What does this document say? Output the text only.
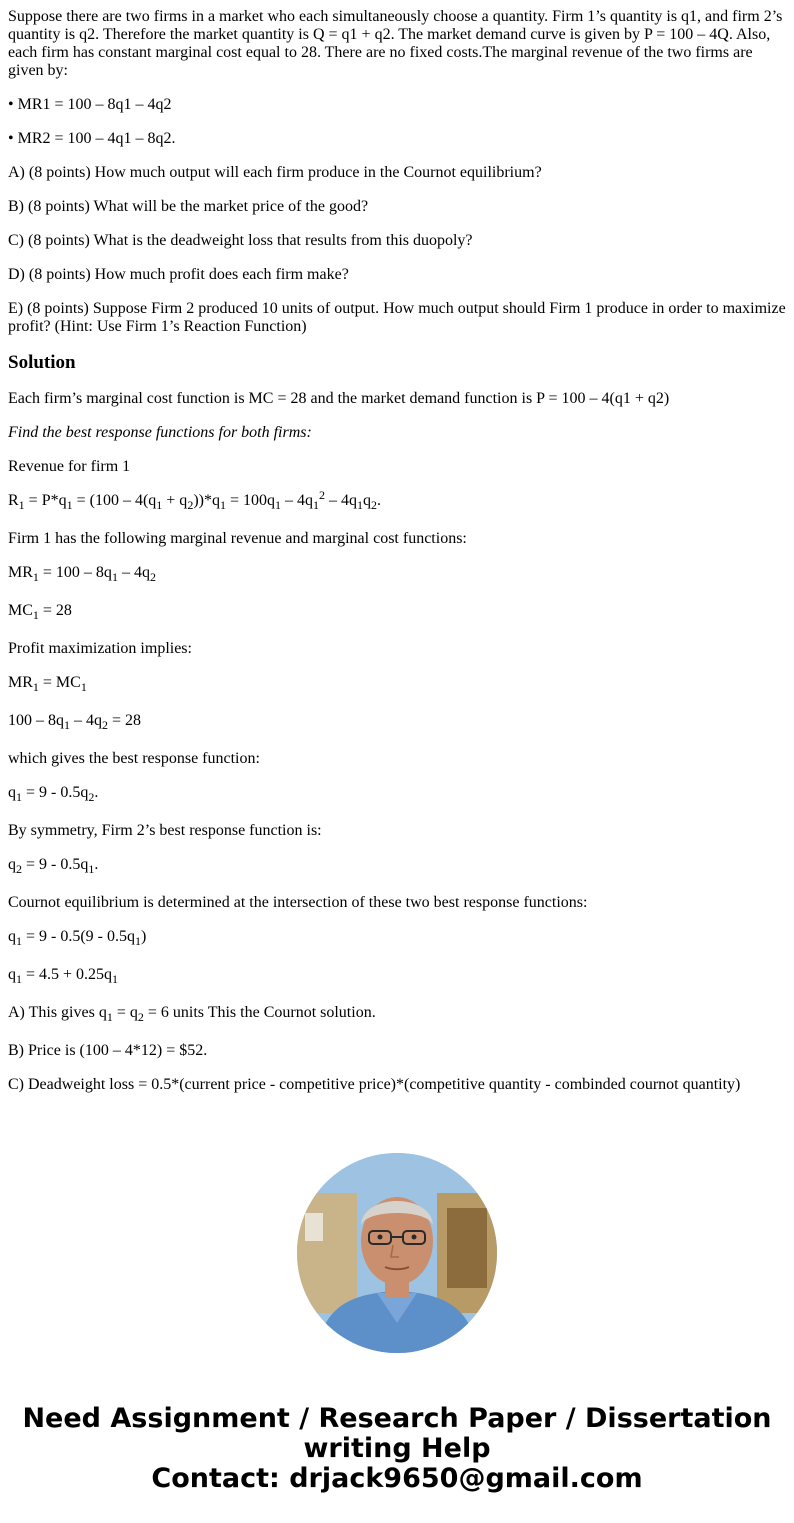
Suppose there are two firms in a market who each simultaneously choose a quantity. Firm 1’s quantity is q1, and firm 2’s quantity is q2. Therefore the market quantity is Q = q1 + q2. The market demand curve is given by P = 100 – 4Q. Also, each firm has constant marginal cost equal to 28. There are no fixed costs.The marginal revenue of the two firms are given by:

• MR1 = 100 – 8q1 – 4q2

• MR2 = 100 – 4q1 – 8q2.

A) (8 points) How much output will each firm produce in the Cournot equilibrium?

B) (8 points) What will be the market price of the good?

C) (8 points) What is the deadweight loss that results from this duopoly?

D) (8 points) How much profit does each firm make?

E) (8 points) Suppose Firm 2 produced 10 units of output. How much output should Firm 1 produce in order to maximize profit? (Hint: Use Firm 1’s Reaction Function)

Solution

Each firm’s marginal cost function is MC = 28 and the market demand function is P = 100 – 4(q1 + q2)

Find the best response functions for both firms:

Revenue for firm 1

$R_1 = P*q_1 = (100 - 4(q_1 + q_2))*q_1 = 100q_1 - 4q_1^2 - 4q_1q_2$.

Firm 1 has the following marginal revenue and marginal cost functions:

$MR_1 = 100 - 8q_1 - 4q_2$

$MC_1 = 28$

Profit maximization implies:

$MR_1 = MC_1$

$100 - 8q_1 - 4q_2 = 28$

which gives the best response function:

$q_1 = 9 - 0.5q_2$.

By symmetry, Firm 2’s best response function is:

$q_2 = 9 - 0.5q_1$.

Cournot equilibrium is determined at the intersection of these two best response functions:

$q_1 = 9 - 0.5(9 - 0.5q_1)$

$q_1 = 4.5 + 0.25q_1$

A) This gives $q_1 = q_2 = 6$ units This the Cournot solution.

B) Price is (100 – 4*12) = $52.

C) Deadweight loss = 0.5*(current price - competitive price)*(competitive quantity - combinded cournot quantity)

Need Assignment / Research Paper / Dissertation
writing Help
Contact: drjack9650@gmail.com
